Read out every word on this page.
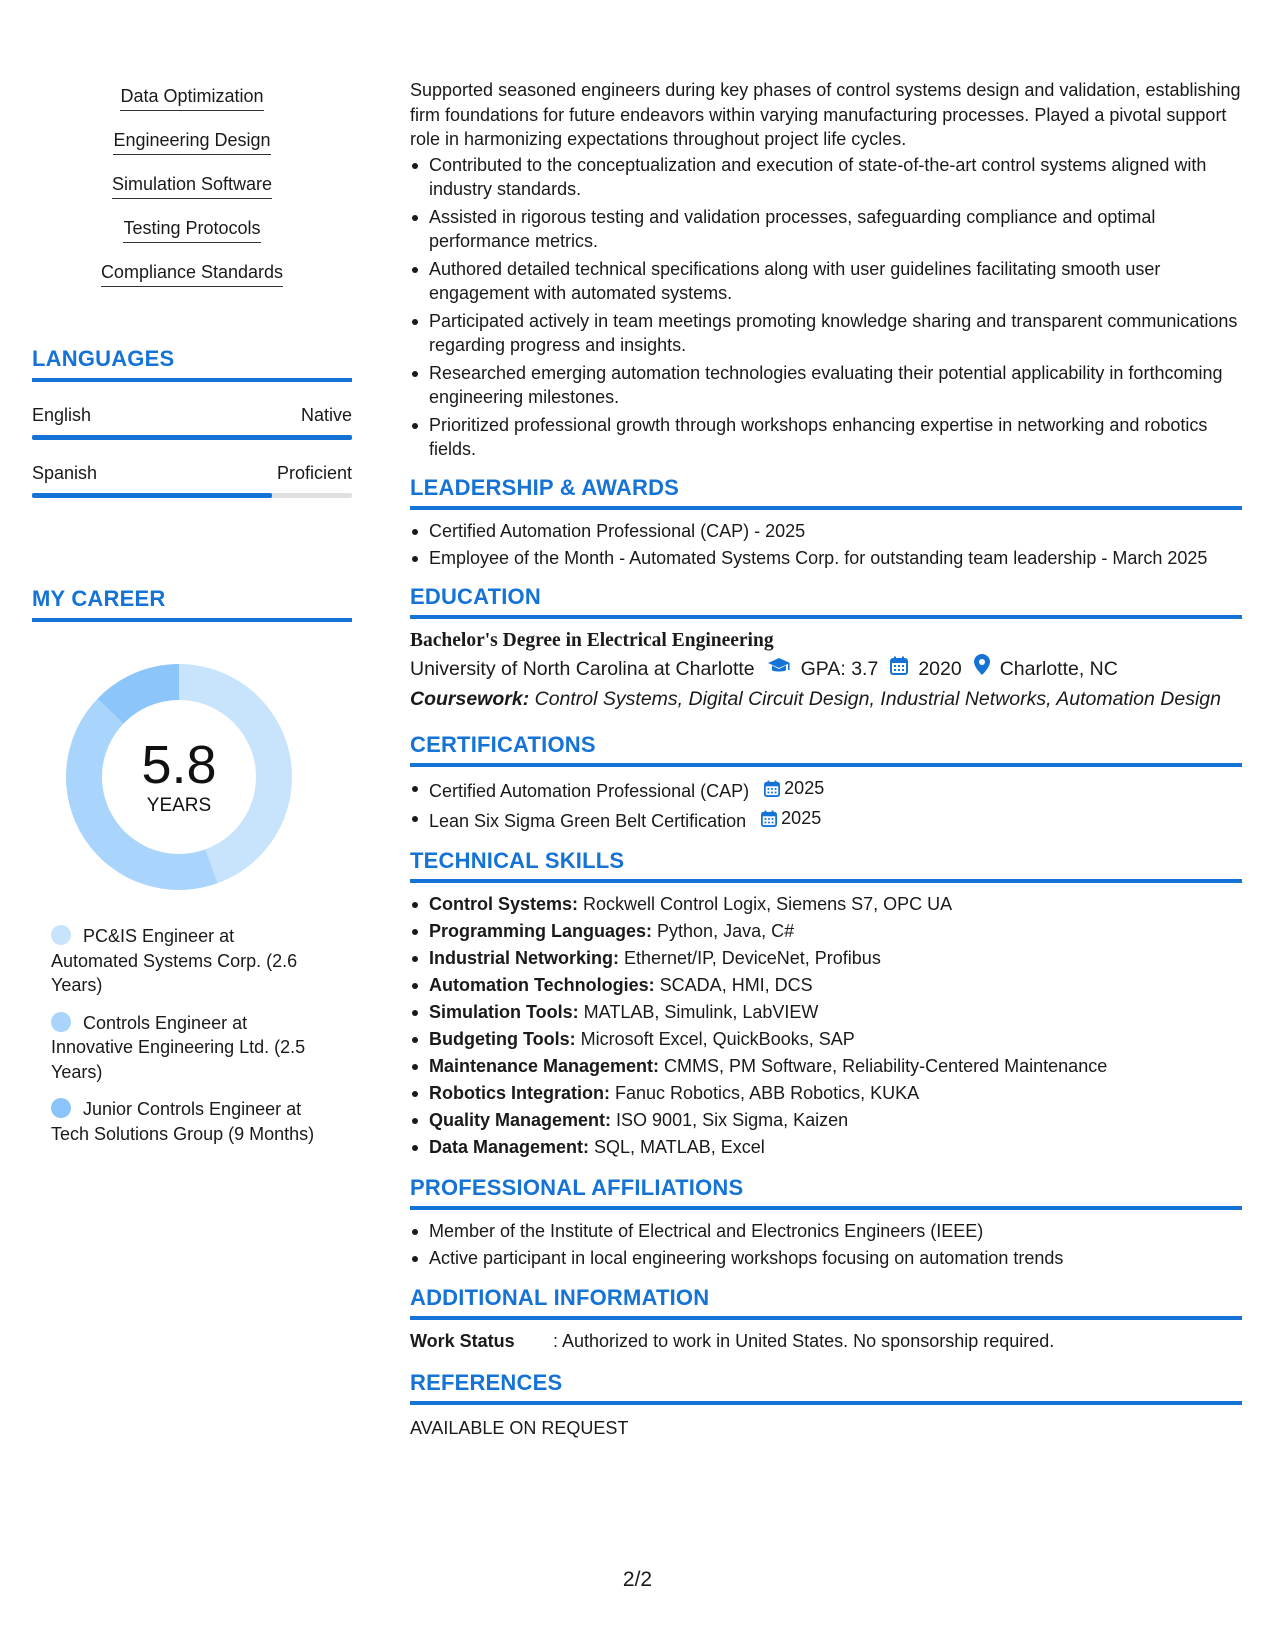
Data Optimization
Engineering Design
Simulation Software
Testing Protocols
Compliance Standards
LANGUAGES
English	Native
Spanish	Proficient
MY CAREER
5.8
YEARS
PC&IS Engineer at Automated Systems Corp. (2.6 Years)
Controls Engineer at Innovative Engineering Ltd. (2.5 Years)
Junior Controls Engineer at Tech Solutions Group (9 Months)

Supported seasoned engineers during key phases of control systems design and validation, establishing firm foundations for future endeavors within varying manufacturing processes. Played a pivotal support role in harmonizing expectations throughout project life cycles.

Contributed to the conceptualization and execution of state-of-the-art control systems aligned with industry standards.
Assisted in rigorous testing and validation processes, safeguarding compliance and optimal performance metrics.
Authored detailed technical specifications along with user guidelines facilitating smooth user engagement with automated systems.
Participated actively in team meetings promoting knowledge sharing and transparent communications regarding progress and insights.
Researched emerging automation technologies evaluating their potential applicability in forthcoming engineering milestones.
Prioritized professional growth through workshops enhancing expertise in networking and robotics fields.
LEADERSHIP & AWARDS
Certified Automation Professional (CAP) - 2025
Employee of the Month - Automated Systems Corp. for outstanding team leadership - March 2025
EDUCATION
Bachelor's Degree in Electrical Engineering
University of North Carolina at Charlotte GPA: 3.7 2020 Charlotte, NC
Coursework: Control Systems, Digital Circuit Design, Industrial Networks, Automation Design
CERTIFICATIONS
Certified Automation Professional (CAP) 2025
Lean Six Sigma Green Belt Certification 2025
TECHNICAL SKILLS
Control Systems: Rockwell Control Logix, Siemens S7, OPC UA
Programming Languages: Python, Java, C#
Industrial Networking: Ethernet/IP, DeviceNet, Profibus
Automation Technologies: SCADA, HMI, DCS
Simulation Tools: MATLAB, Simulink, LabVIEW
Budgeting Tools: Microsoft Excel, QuickBooks, SAP
Maintenance Management: CMMS, PM Software, Reliability-Centered Maintenance
Robotics Integration: Fanuc Robotics, ABB Robotics, KUKA
Quality Management: ISO 9001, Six Sigma, Kaizen
Data Management: SQL, MATLAB, Excel
PROFESSIONAL AFFILIATIONS
Member of the Institute of Electrical and Electronics Engineers (IEEE)
Active participant in local engineering workshops focusing on automation trends
ADDITIONAL INFORMATION
Work Status	: Authorized to work in United States. No sponsorship required.
REFERENCES
AVAILABLE ON REQUEST
2/2
